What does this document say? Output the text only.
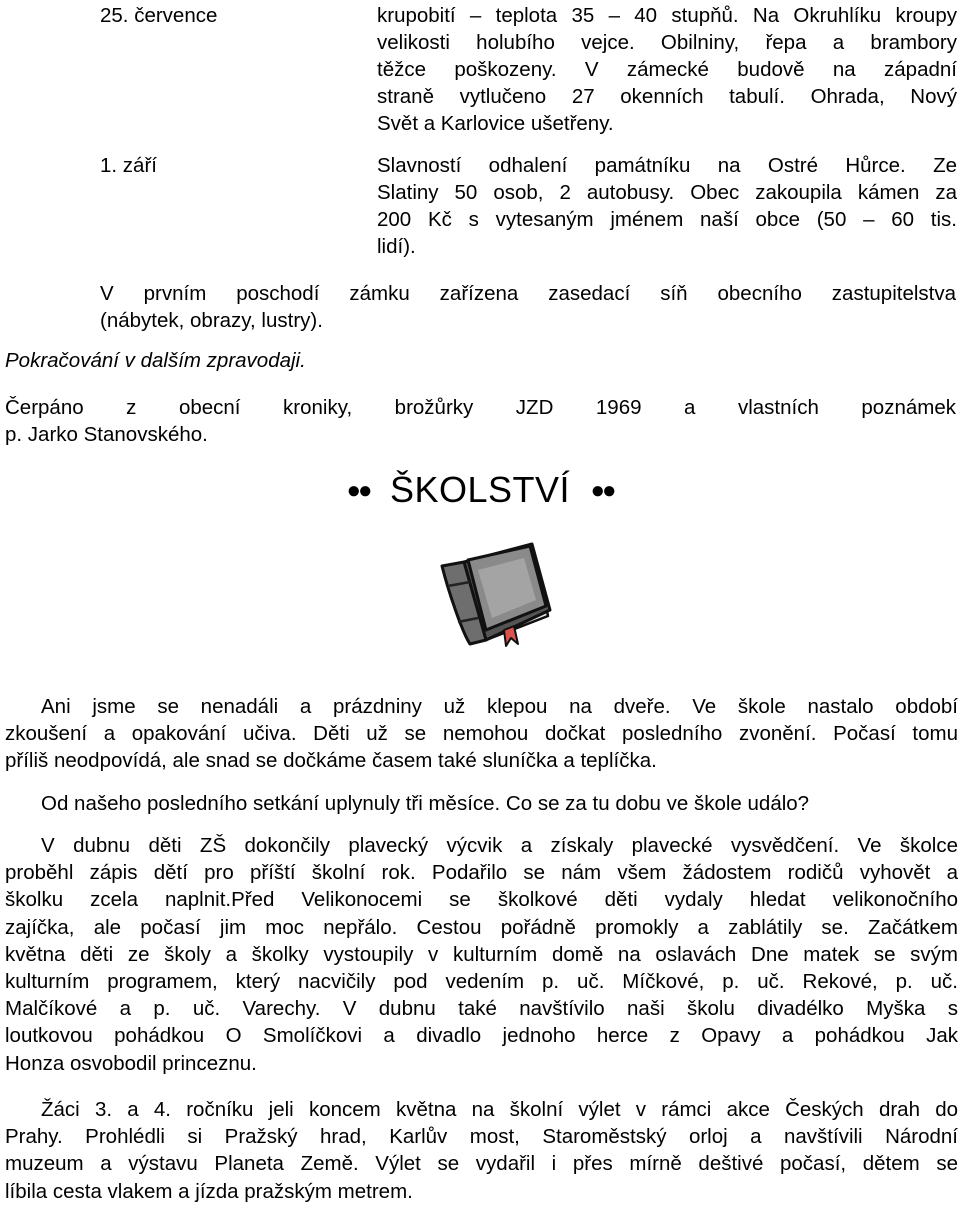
25. července	krupobití – teplota 35 – 40 stupňů. Na Okruhlíku kroupy
velikosti holubího vejce. Obilniny, řepa a brambory
těžce poškozeny. V zámecké budově na západní
straně vytlučeno 27 okenních tabulí. Ohrada, Nový
Svět a Karlovice ušetřeny.
1. září	Slavností odhalení památníku na Ostré Hůrce. Ze
Slatiny 50 osob, 2 autobusy. Obec zakoupila kámen za
200 Kč s vytesaným jménem naší obce (50 – 60 tis.
lidí).
V prvním poschodí zámku zařízena zasedací síň obecního zastupitelstva
(nábytek, obrazy, lustry).
Pokračování v dalším zpravodaji.
Čerpáno z obecní kroniky, brožůrky JZD 1969 a vlastních poznámek
p. Jarko Stanovského.
●● ŠKOLSTVÍ ●●
Ani jsme se nenadáli a prázdniny už klepou na dveře. Ve škole nastalo období
zkoušení a opakování učiva. Děti už se nemohou dočkat posledního zvonění. Počasí tomu
příliš neodpovídá, ale snad se dočkáme časem také sluníčka a teplíčka.
Od našeho posledního setkání uplynuly tři měsíce. Co se za tu dobu ve škole událo?
V dubnu děti ZŠ dokončily plavecký výcvik a získaly plavecké vysvědčení. Ve školce
proběhl zápis dětí pro příští školní rok. Podařilo se nám všem žádostem rodičů vyhovět a
školku zcela naplnit.Před Velikonocemi se školkové děti vydaly hledat velikonočního
zajíčka, ale počasí jim moc nepřálo. Cestou pořádně promokly a zablátily se. Začátkem
května děti ze školy a školky vystoupily v kulturním domě na oslavách Dne matek se svým
kulturním programem, který nacvičily pod vedením p. uč. Míčkové, p. uč. Rekové, p. uč.
Malčíkové a p. uč. Varechy. V dubnu také navštívilo naši školu divadélko Myška s
loutkovou pohádkou O Smolíčkovi a divadlo jednoho herce z Opavy a pohádkou Jak
Honza osvobodil princeznu.
Žáci 3. a 4. ročníku jeli koncem května na školní výlet v rámci akce Českých drah do
Prahy. Prohlédli si Pražský hrad, Karlův most, Staroměstský orloj a navštívili Národní
muzeum a výstavu Planeta Země. Výlet se vydařil i přes mírně deštivé počasí, dětem se
líbila cesta vlakem a jízda pražským metrem.
